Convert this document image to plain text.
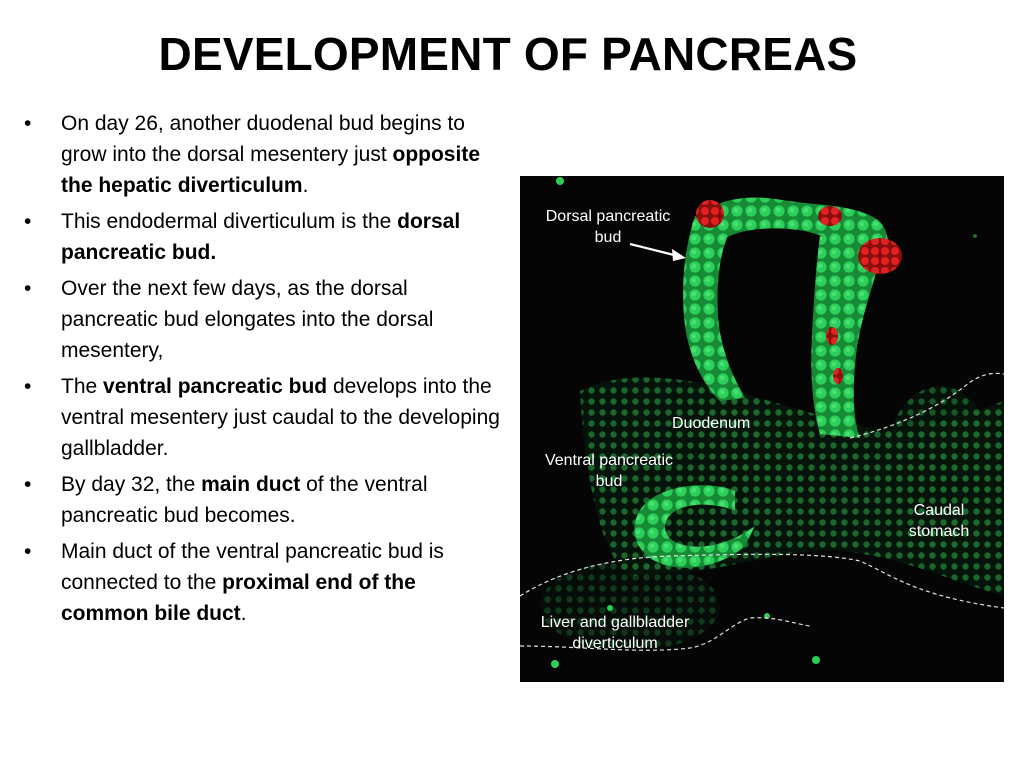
DEVELOPMENT OF PANCREAS
• On day 26, another duodenal bud begins to grow into the dorsal mesentery just opposite the hepatic diverticulum.
• This endodermal diverticulum is the dorsal pancreatic bud.
• Over the next few days, as the dorsal pancreatic bud elongates into the dorsal mesentery,
• The ventral pancreatic bud develops into the ventral mesentery just caudal to the developing gallbladder.
• By day 32, the main duct of the ventral pancreatic bud becomes.
• Main duct of the ventral pancreatic bud is connected to the proximal end of the common bile duct.
Dorsal pancreatic
bud
Duodenum
Ventral pancreatic
bud
Caudal
stomach
Liver and gallbladder
diverticulum
